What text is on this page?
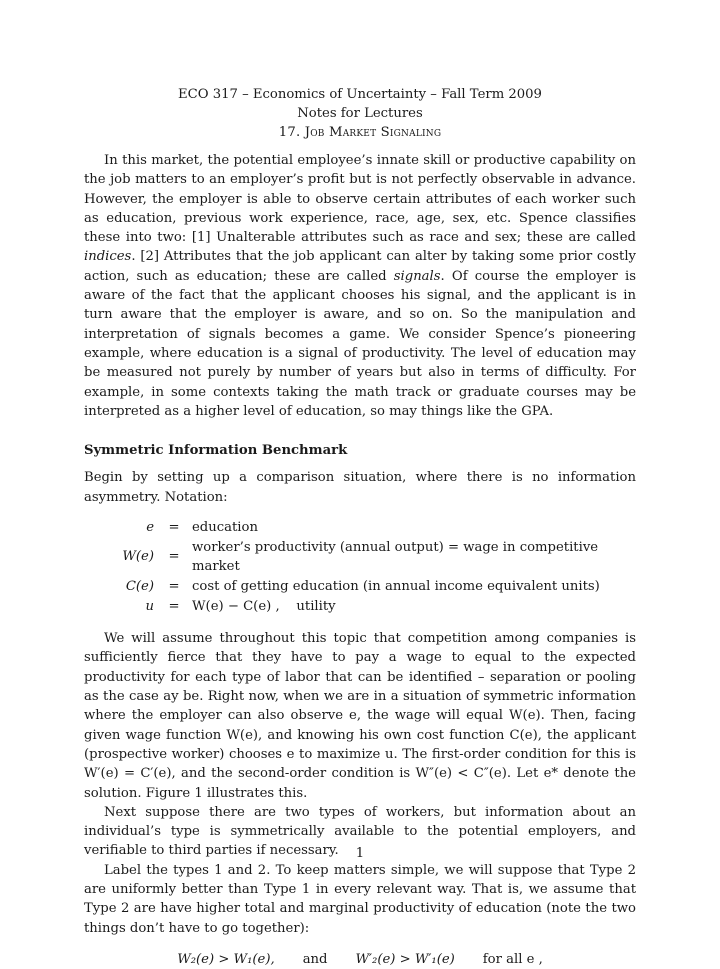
ECO 317 – Economics of Uncertainty – Fall Term 2009
Notes for Lectures
17. Job Market Signaling

In this market, the potential employee’s innate skill or productive capability on the job matters to an employer’s profit but is not perfectly observable in advance. However, the employer is able to observe certain attributes of each worker such as education, previous work experience, race, age, sex, etc. Spence classifies these into two: [1] Unalterable attributes such as race and sex; these are called indices. [2] Attributes that the job applicant can alter by taking some prior costly action, such as education; these are called signals. Of course the employer is aware of the fact that the applicant chooses his signal, and the applicant is in turn aware that the employer is aware, and so on. So the manipulation and interpretation of signals becomes a game. We consider Spence’s pioneering example, where education is a signal of productivity. The level of education may be measured not purely by number of years but also in terms of difficulty. For example, in some contexts taking the math track or graduate courses may be interpreted as a higher level of education, so may things like the GPA.

Symmetric Information Benchmark

Begin by setting up a comparison situation, where there is no information asymmetry. Notation:

e	=	education
W(e)	=	worker’s productivity (annual output) = wage in competitive market
C(e)	=	cost of getting education (in annual income equivalent units)
u	=	W(e) − C(e) ,    utility

We will assume throughout this topic that competition among companies is sufficiently fierce that they have to pay a wage to equal to the expected productivity for each type of labor that can be identified – separation or pooling as the case ay be. Right now, when we are in a situation of symmetric information where the employer can also observe e, the wage will equal W(e). Then, facing given wage function W(e), and knowing his own cost function C(e), the applicant (prospective worker) chooses e to maximize u. The first-order condition for this is W′(e) = C′(e), and the second-order condition is W″(e) < C″(e). Let e* denote the solution. Figure 1 illustrates this.

Next suppose there are two types of workers, but information about an individual’s type is symmetrically available to the potential employers, and verifiable to third parties if necessary.

Label the types 1 and 2. To keep matters simple, we will suppose that Type 2 are uniformly better than Type 1 in every relevant way. That is, we assume that Type 2 are have higher total and marginal productivity of education (note the two things don’t have to go together):

W₂(e) > W₁(e), and W′₂(e) > W′₁(e) for all e ,
1
